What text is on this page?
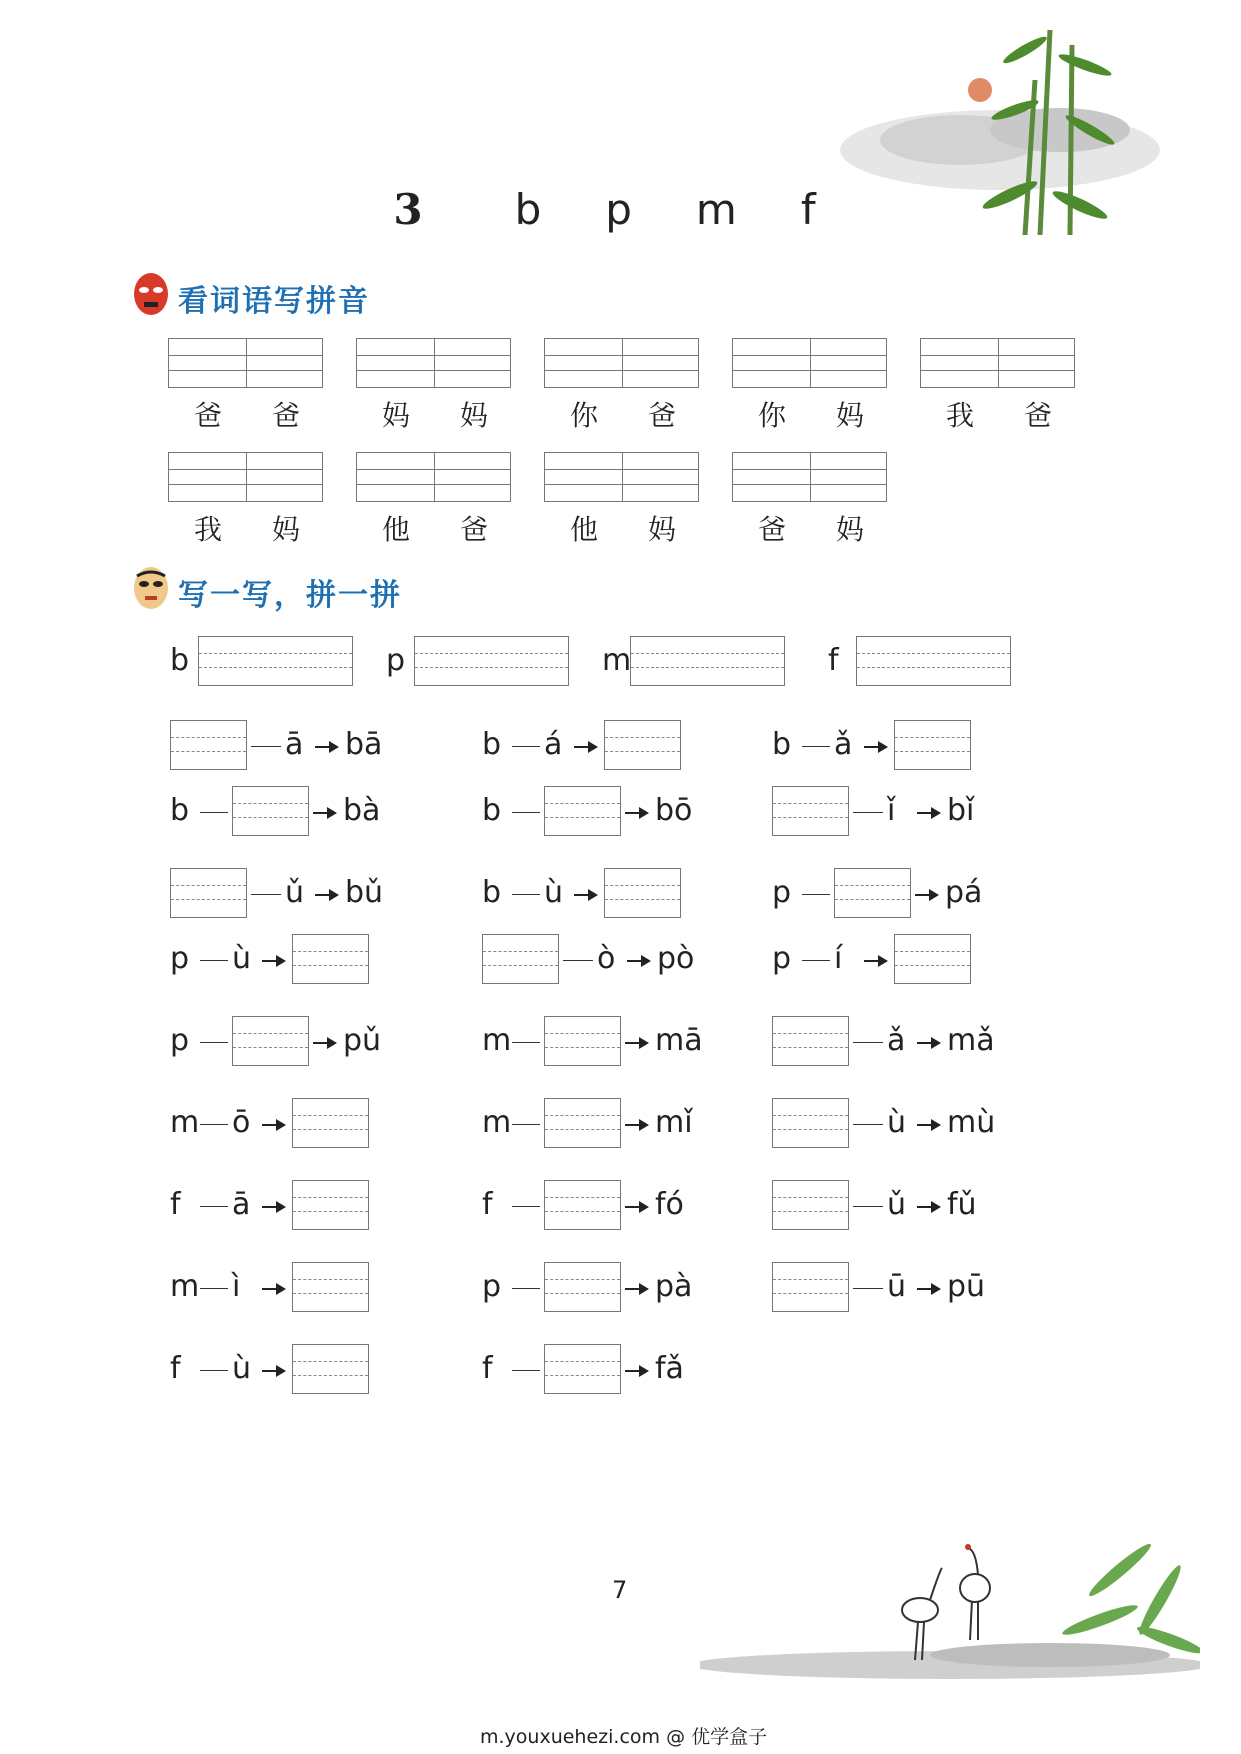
3 b p m f
看词语写拼音
爸 爸	妈 妈	你 爸	你 妈	我 爸
我 妈	他 爸	他 妈	爸 妈
写一写，拼一拼
b	p	m	f
ā bā	b á	b ǎ
b	bà	b	bō	ǐ bǐ
ǔ bǔ	b ù	p	pá
p ù	ò pò	p í
p	pǔ	m	mā	ǎ mǎ
m ō	m	mǐ	ù mù
f ā	f	fó	ǔ fǔ
m ì	p	pà	ū pū
f ù	f	fǎ
7
m.youxuehezi.com @ 优学盒子
